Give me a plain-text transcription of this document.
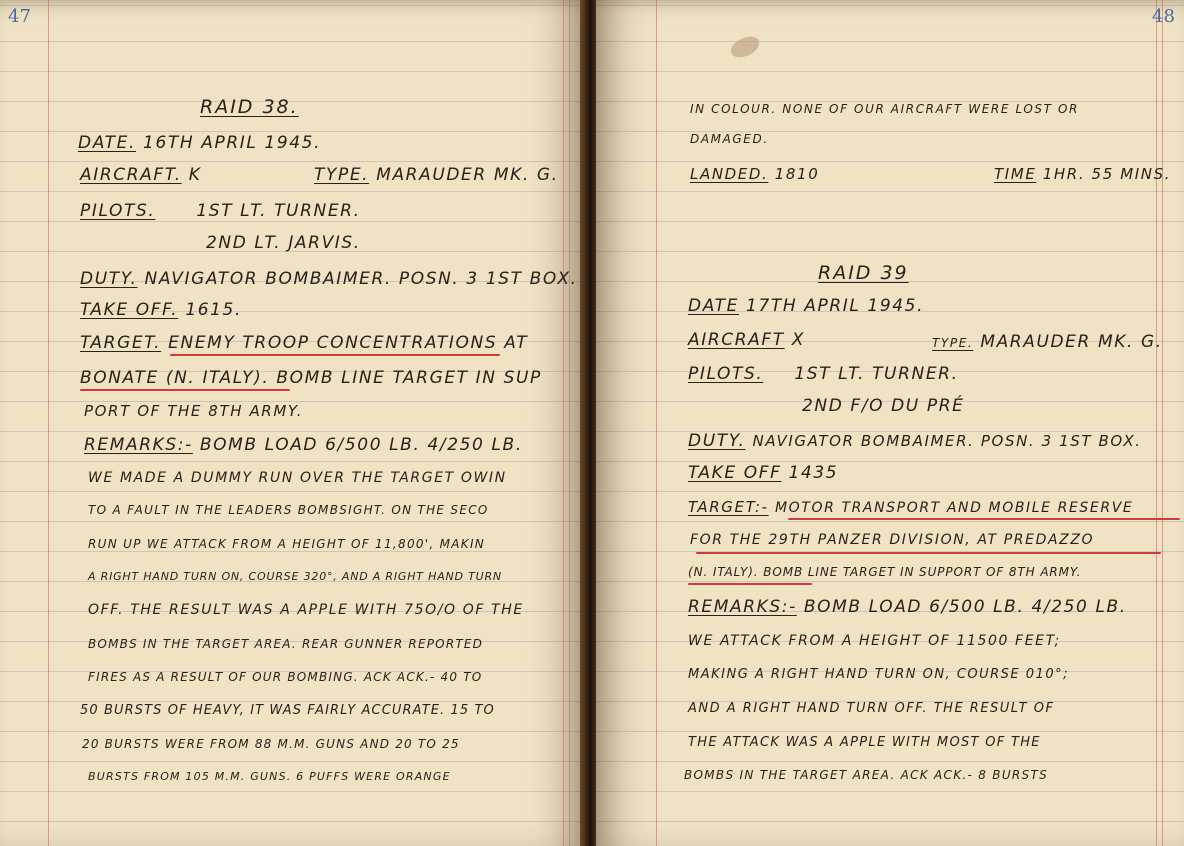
47
RAID 38.
DATE. 16TH APRIL 1945.
AIRCRAFT. K	TYPE. MARAUDER MK. G.
PILOTS. 1ST LT. TURNER.
2ND LT. JARVIS.
DUTY. NAVIGATOR BOMBAIMER. POSN. 3 1ST BOX.
TAKE OFF. 1615.
TARGET. ENEMY TROOP CONCENTRATIONS AT
BONATE (N. ITALY). BOMB LINE TARGET IN SUP
PORT OF THE 8TH ARMY.
REMARKS:- BOMB LOAD 6/500 LB. 4/250 LB.
WE MADE A DUMMY RUN OVER THE TARGET OWIN
TO A FAULT IN THE LEADERS BOMBSIGHT. ON THE SECO
RUN UP WE ATTACK FROM A HEIGHT OF 11,800', MAKIN
A RIGHT HAND TURN ON, COURSE 320°, AND A RIGHT HAND TURN
OFF. THE RESULT WAS A APPLE WITH 75O/O OF THE
BOMBS IN THE TARGET AREA. REAR GUNNER REPORTED
FIRES AS A RESULT OF OUR BOMBING. ACK ACK.- 40 TO
50 BURSTS OF HEAVY, IT WAS FAIRLY ACCURATE. 15 TO
20 BURSTS WERE FROM 88 M.M. GUNS AND 20 TO 25
BURSTS FROM 105 M.M. GUNS. 6 PUFFS WERE ORANGE
48
IN COLOUR. NONE OF OUR AIRCRAFT WERE LOST OR
DAMAGED.
LANDED. 1810	TIME 1HR. 55 MINS.
RAID 39
DATE 17TH APRIL 1945.
AIRCRAFT X	TYPE. MARAUDER MK. G.
PILOTS. 1ST LT. TURNER.
2ND F/O DU PRÉ
DUTY. NAVIGATOR BOMBAIMER. POSN. 3 1ST BOX.
TAKE OFF 1435
TARGET:- MOTOR TRANSPORT AND MOBILE RESERVE
FOR THE 29TH PANZER DIVISION, AT PREDAZZO
(N. ITALY). BOMB LINE TARGET IN SUPPORT OF 8TH ARMY.
REMARKS:- BOMB LOAD 6/500 LB. 4/250 LB.
WE ATTACK FROM A HEIGHT OF 11500 FEET;
MAKING A RIGHT HAND TURN ON, COURSE 010°;
AND A RIGHT HAND TURN OFF. THE RESULT OF
THE ATTACK WAS A APPLE WITH MOST OF THE
BOMBS IN THE TARGET AREA. ACK ACK.- 8 BURSTS
